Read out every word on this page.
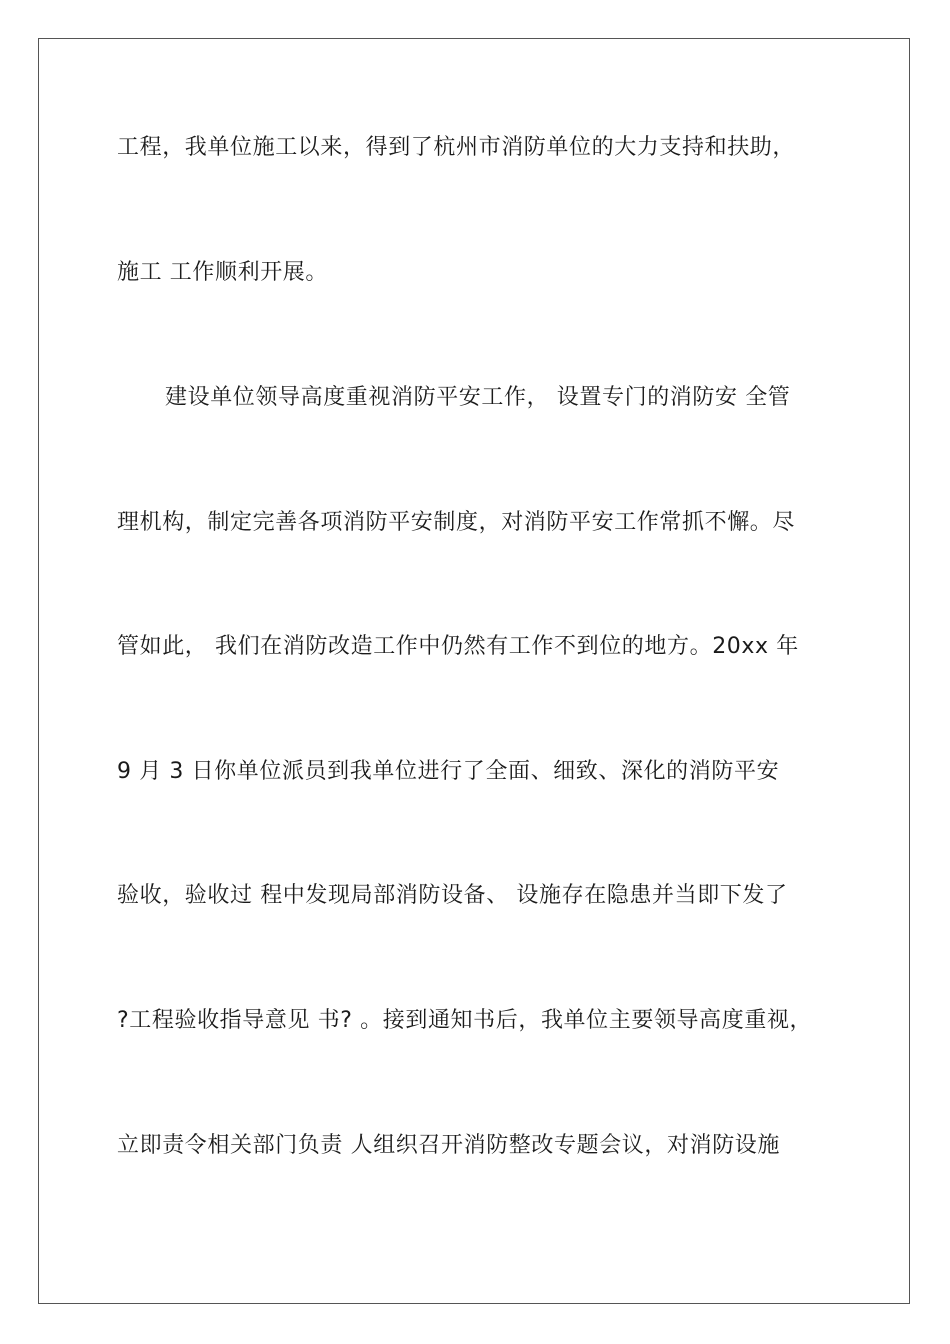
工程，我单位施工以来，得到了杭州市消防单位的大力支持和扶助，
施工 工作顺利开展。
建设单位领导高度重视消防平安工作， 设置专门的消防安 全管
理机构，制定完善各项消防平安制度，对消防平安工作常抓不懈。尽
管如此， 我们在消防改造工作中仍然有工作不到位的地方。20xx 年
9 月 3 日你单位派员到我单位进行了全面、细致、深化的消防平安
验收，验收过 程中发现局部消防设备、 设施存在隐患并当即下发了
?工程验收指导意见 书? 。接到通知书后，我单位主要领导高度重视，
立即责令相关部门负责 人组织召开消防整改专题会议，对消防设施
